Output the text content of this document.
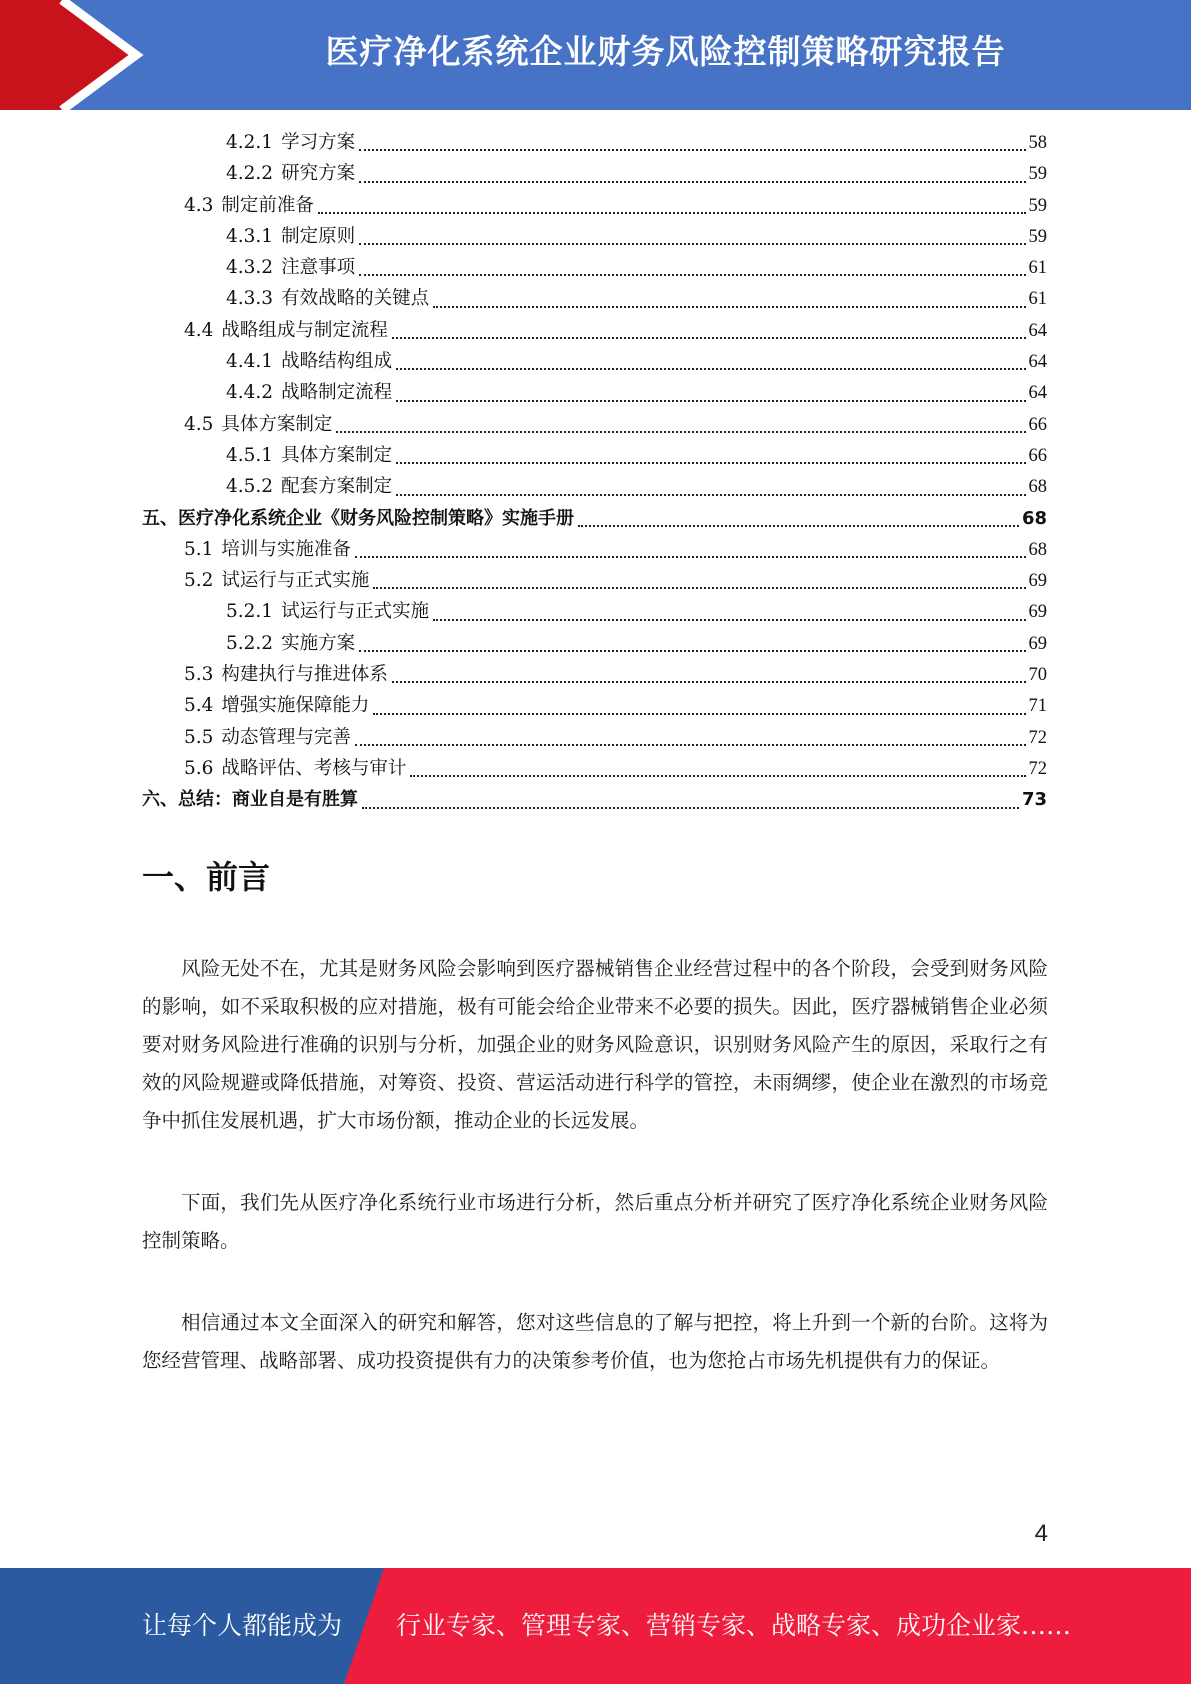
医疗净化系统企业财务风险控制策略研究报告
4.2.1 学习方案	58
4.2.2 研究方案	59
4.3 制定前准备	59
4.3.1 制定原则	59
4.3.2 注意事项	61
4.3.3 有效战略的关键点	61
4.4 战略组成与制定流程	64
4.4.1 战略结构组成	64
4.4.2 战略制定流程	64
4.5 具体方案制定	66
4.5.1 具体方案制定	66
4.5.2 配套方案制定	68
五、 医疗净化系统企业《财务风险控制策略》实施手册	68
5.1 培训与实施准备	68
5.2 试运行与正式实施	69
5.2.1 试运行与正式实施	69
5.2.2 实施方案	69
5.3 构建执行与推进体系	70
5.4 增强实施保障能力	71
5.5 动态管理与完善	72
5.6 战略评估、考核与审计	72
六、 总结：商业自是有胜算	73
一、前言

风险无处不在，尤其是财务风险会影响到医疗器械销售企业经营过程中的各个阶段，会受到财务风险的影响，如不采取积极的应对措施，极有可能会给企业带来不必要的损失。因此，医疗器械销售企业必须要对财务风险进行准确的识别与分析，加强企业的财务风险意识，识别财务风险产生的原因，采取行之有效的风险规避或降低措施，对筹资、投资、营运活动进行科学的管控，未雨绸缪，使企业在激烈的市场竞争中抓住发展机遇，扩大市场份额，推动企业的长远发展。

下面，我们先从医疗净化系统行业市场进行分析，然后重点分析并研究了医疗净化系统企业财务风险控制策略。

相信通过本文全面深入的研究和解答，您对这些信息的了解与把控，将上升到一个新的台阶。这将为您经营管理、战略部署、成功投资提供有力的决策参考价值，也为您抢占市场先机提供有力的保证。

4
让每个人都能成为 行业专家、管理专家、营销专家、战略专家、成功企业家……
